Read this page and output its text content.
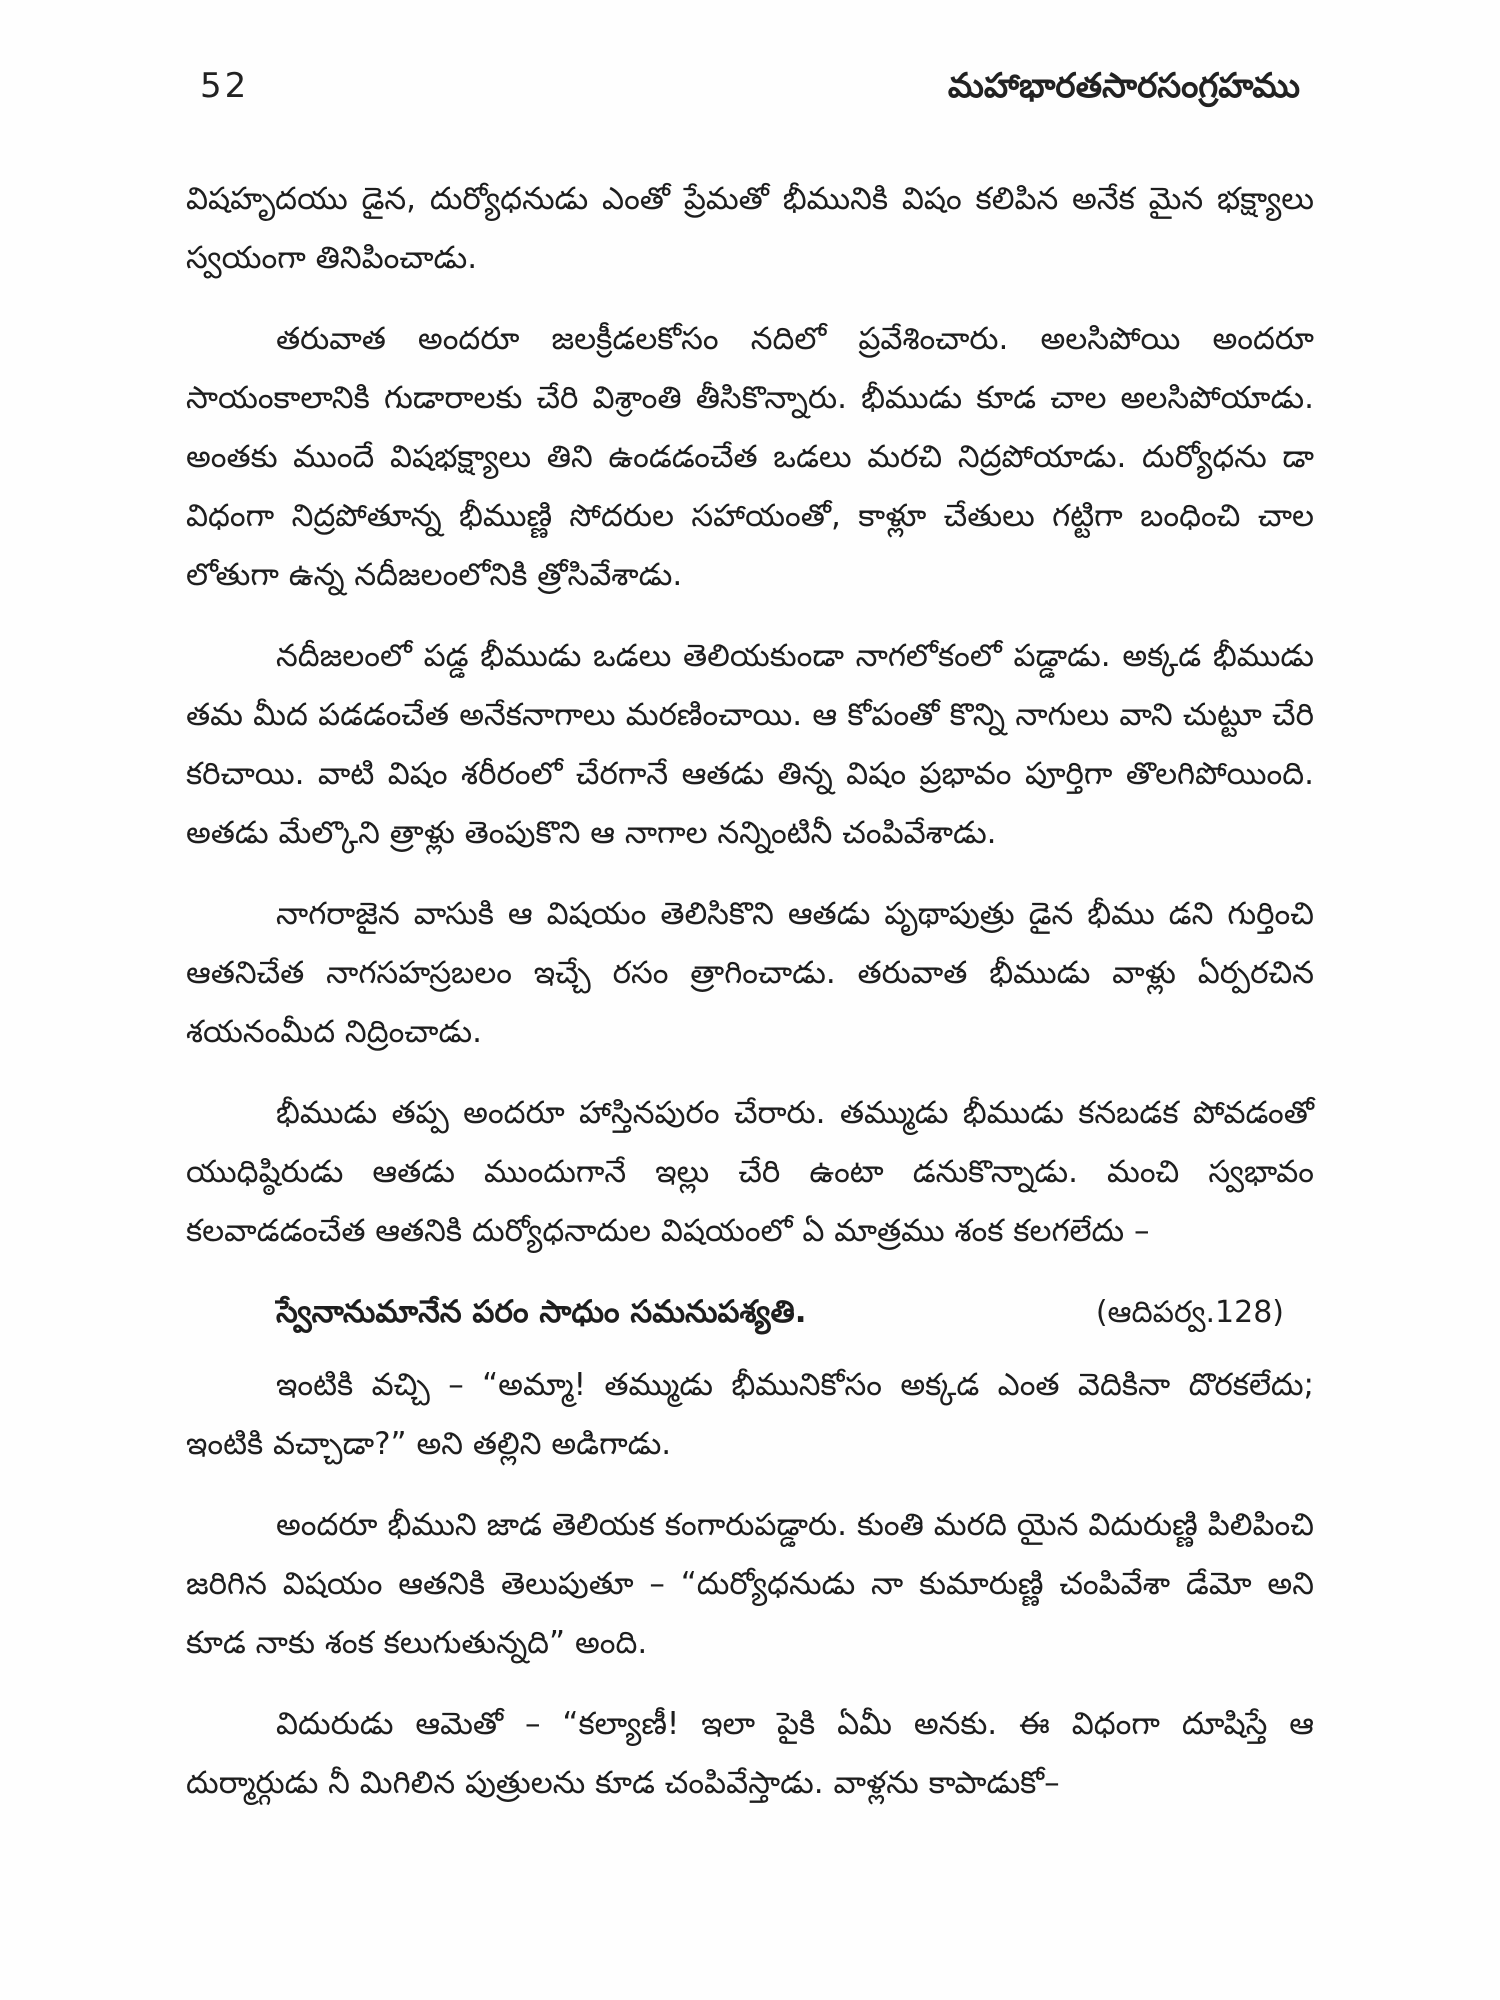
52	మహాభారతసారసంగ్రహము

విషహృదయు డైన, దుర్యోధనుడు ఎంతో ప్రేమతో భీమునికి విషం కలిపిన అనేక మైన భక్ష్యాలు స్వయంగా తినిపించాడు.

తరువాత అందరూ జలక్రీడలకోసం నదిలో ప్రవేశించారు. అలసిపోయి అందరూ సాయంకాలానికి గుడారాలకు చేరి విశ్రాంతి తీసికొన్నారు. భీముడు కూడ చాల అలసిపోయాడు. అంతకు ముందే విషభక్ష్యాలు తిని ఉండడంచేత ఒడలు మరచి నిద్రపోయాడు. దుర్యోధను డా విధంగా నిద్రపోతూన్న భీముణ్ణి సోదరుల సహాయంతో, కాళ్లూ చేతులు గట్టిగా బంధించి చాల లోతుగా ఉన్న నదీజలంలోనికి త్రోసివేశాడు.

నదీజలంలో పడ్డ భీముడు ఒడలు తెలియకుండా నాగలోకంలో పడ్డాడు. అక్కడ భీముడు తమ మీద పడడంచేత అనేకనాగాలు మరణించాయి. ఆ కోపంతో కొన్ని నాగులు వాని చుట్టూ చేరి కరిచాయి. వాటి విషం శరీరంలో చేరగానే ఆతడు తిన్న విషం ప్రభావం పూర్తిగా తొలగిపోయింది. అతడు మేల్కొని త్రాళ్లు తెంపుకొని ఆ నాగాల నన్నింటినీ చంపివేశాడు.

నాగరాజైన వాసుకి ఆ విషయం తెలిసికొని ఆతడు పృథాపుత్రు డైన భీము డని గుర్తించి ఆతనిచేత నాగసహస్రబలం ఇచ్చే రసం త్రాగించాడు. తరువాత భీముడు వాళ్లు ఏర్పరచిన శయనంమీద నిద్రించాడు.

భీముడు తప్ప అందరూ హాస్తినపురం చేరారు. తమ్ముడు భీముడు కనబడక పోవడంతో యుధిష్ఠిరుడు ఆతడు ముందుగానే ఇల్లు చేరి ఉంటా డనుకొన్నాడు. మంచి స్వభావం కలవాడడంచేత ఆతనికి దుర్యోధనాదుల విషయంలో ఏ మాత్రము శంక కలగలేదు –

స్వేనానుమానేన పరం సాధుం సమనుపశ్యతి.	(ఆదిపర్వ.128)

ఇంటికి వచ్చి – “అమ్మా! తమ్ముడు భీమునికోసం అక్కడ ఎంత వెదికినా దొరకలేదు; ఇంటికి వచ్చాడా?” అని తల్లిని అడిగాడు.

అందరూ భీముని జాడ తెలియక కంగారుపడ్డారు. కుంతి మరది యైన విదురుణ్ణి పిలిపించి జరిగిన విషయం ఆతనికి తెలుపుతూ – “దుర్యోధనుడు నా కుమారుణ్ణి చంపివేశా డేమో అని కూడ నాకు శంక కలుగుతున్నది” అంది.

విదురుడు ఆమెతో – “కల్యాణీ! ఇలా పైకి ఏమీ అనకు. ఈ విధంగా దూషిస్తే ఆ దుర్మార్గుడు నీ మిగిలిన పుత్రులను కూడ చంపివేస్తాడు. వాళ్లను కాపాడుకో–
